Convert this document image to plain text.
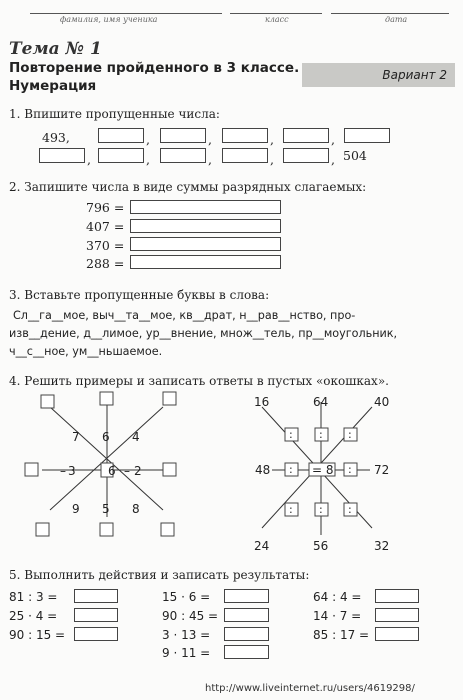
фамилия, имя ученика	класс	дата
Тема № 1
Повторение пройденного в 3 классе.
Нумерация
Вариант 2
1. Впишите пропущенные числа:
493,	,	,	,	,
,	,	,	,	, 504
2. Запишите числа в виде суммы разрядных слагаемых:
796 =
407 =
370 =
288 =
3. Вставьте пропущенные буквы в слова:
Сл__га__мое, выч__та__мое, кв__драт, н__рав__нство, про-
изв__дение, д__лимое, ур__внение, множ__тель, пр__моугольник,
ч__с__ное, ум__ньшаемое.
4. Решить примеры и записать ответы в пустых «окошках».
7 6 4
3	6 2
9 5 8
–	–
: : :
:	:
: : :
16	64	40
48	= 8	72
24	56	32
5. Выполнить действия и записать результаты:
81 : 3 =
25 · 4 =
90 : 15 =
15 · 6 =
90 : 45 =
3 · 13 =
9 · 11 =
64 : 4 =
14 · 7 =
85 : 17 =
http://www.liveinternet.ru/users/4619298/
